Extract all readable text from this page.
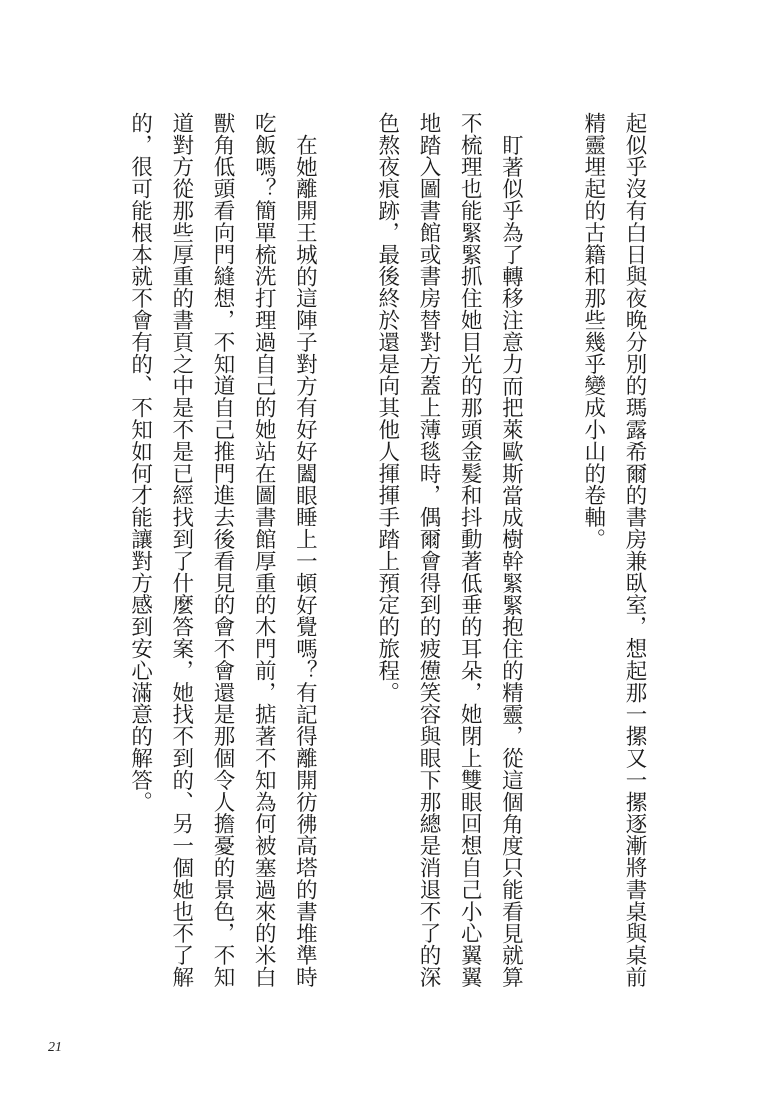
起似乎沒有白日與夜晚分別的瑪露希爾的書房兼臥室，想起那一摞又一摞逐漸將書桌與桌前精靈埋起的古籍和那些幾乎變成小山的卷軸。

盯著似乎為了轉移注意力而把萊歐斯當成樹幹緊緊抱住的精靈，從這個角度只能看見就算不梳理也能緊緊抓住她目光的那頭金髮和抖動著低垂的耳朵，她閉上雙眼回想自己小心翼翼地踏入圖書館或書房替對方蓋上薄毯時，偶爾會得到的疲憊笑容與眼下那總是消退不了的深色熬夜痕跡，最後終於還是向其他人揮揮手踏上預定的旅程。

在她離開王城的這陣子對方有好好闔眼睡上一頓好覺嗎？有記得離開彷彿高塔的書堆準時吃飯嗎？簡單梳洗打理過自己的她站在圖書館厚重的木門前，掂著不知為何被塞過來的米白獸角低頭看向門縫想，不知道自己推門進去後看見的會不會還是那個令人擔憂的景色，不知道對方從那些厚重的書頁之中是不是已經找到了什麼答案，她找不到的、另一個她也不了解的，很可能根本就不會有的、不知如何才能讓對方感到安心滿意的解答。

21
